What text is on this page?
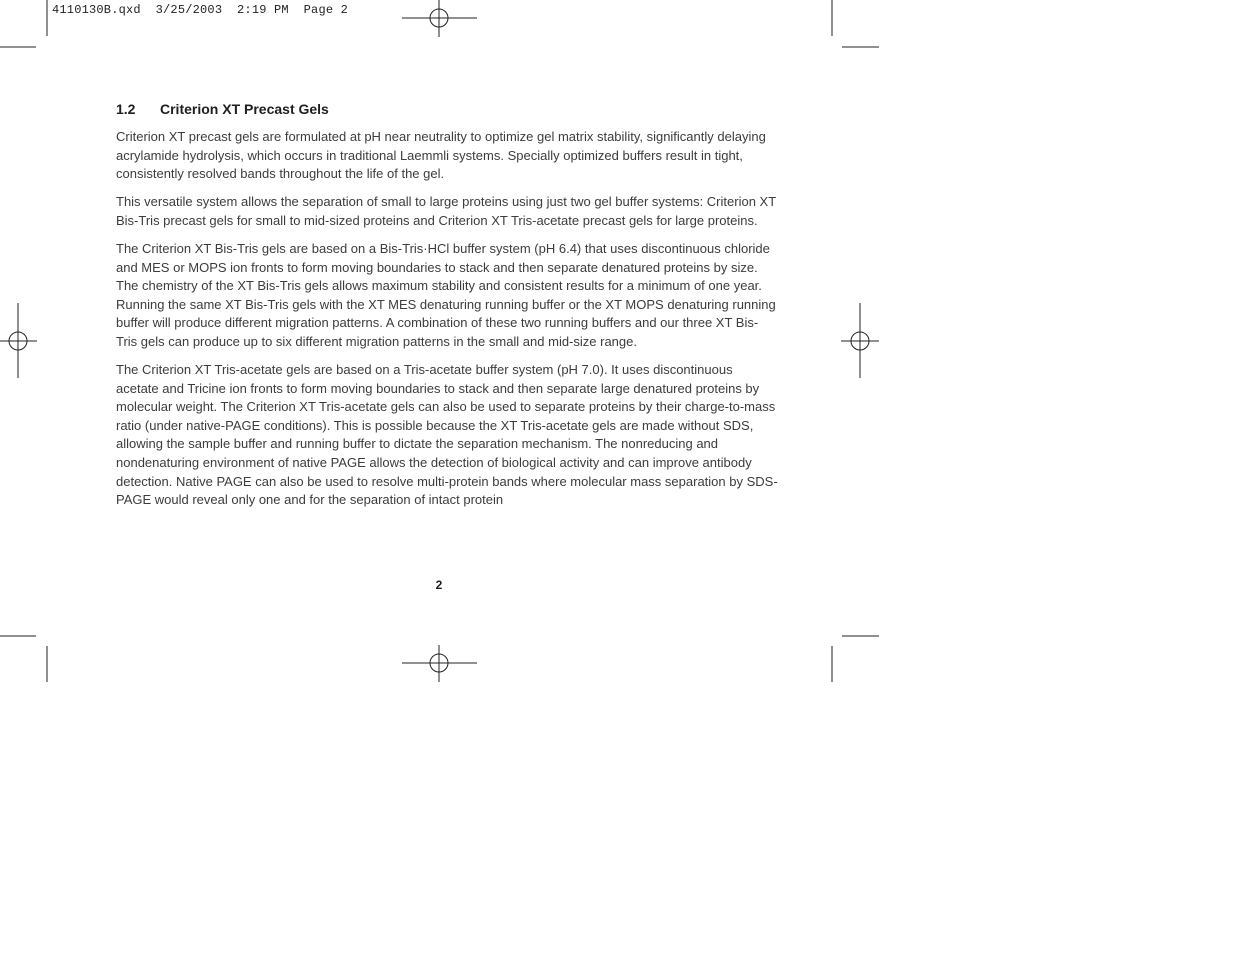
4110130B.qxd  3/25/2003  2:19 PM  Page 2
1.2 Criterion XT Precast Gels

Criterion XT precast gels are formulated at pH near neutrality to optimize gel matrix stability, significantly delaying acrylamide hydrolysis, which occurs in traditional Laemmli systems. Specially optimized buffers result in tight, consistently resolved bands throughout the life of the gel.

This versatile system allows the separation of small to large proteins using just two gel buffer systems: Criterion XT Bis-Tris precast gels for small to mid-sized proteins and Criterion XT Tris-acetate precast gels for large proteins.

The Criterion XT Bis-Tris gels are based on a Bis-Tris·HCl buffer system (pH 6.4) that uses discontinuous chloride and MES or MOPS ion fronts to form moving boundaries to stack and then separate denatured proteins by size. The chemistry of the XT Bis-Tris gels allows maximum stability and consistent results for a minimum of one year. Running the same XT Bis-Tris gels with the XT MES denaturing running buffer or the XT MOPS denaturing running buffer will produce different migration patterns. A combination of these two running buffers and our three XT Bis-Tris gels can produce up to six different migration patterns in the small and mid-size range.

The Criterion XT Tris-acetate gels are based on a Tris-acetate buffer system (pH 7.0). It uses discontinuous acetate and Tricine ion fronts to form moving boundaries to stack and then separate large denatured proteins by molecular weight. The Criterion XT Tris-acetate gels can also be used to separate proteins by their charge-to-mass ratio (under native-PAGE conditions). This is possible because the XT Tris-acetate gels are made without SDS, allowing the sample buffer and running buffer to dictate the separation mechanism. The nonreducing and nondenaturing environment of native PAGE allows the detection of biological activity and can improve antibody detection. Native PAGE can also be used to resolve multi-protein bands where molecular mass separation by SDS-PAGE would reveal only one and for the separation of intact protein

2
